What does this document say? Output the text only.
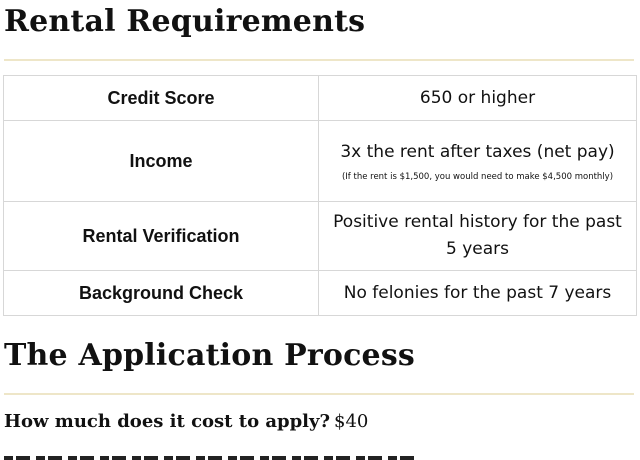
Rental Requirements
Credit Score	650 or higher
Income	3x the rent after taxes (net pay)
(If the rent is $1,500, you would need to make $4,500 monthly)

Rental Verification	Positive rental history for the past 5 years
Background Check	No felonies for the past 7 years
The Application Process
How much does it cost to apply? $40
